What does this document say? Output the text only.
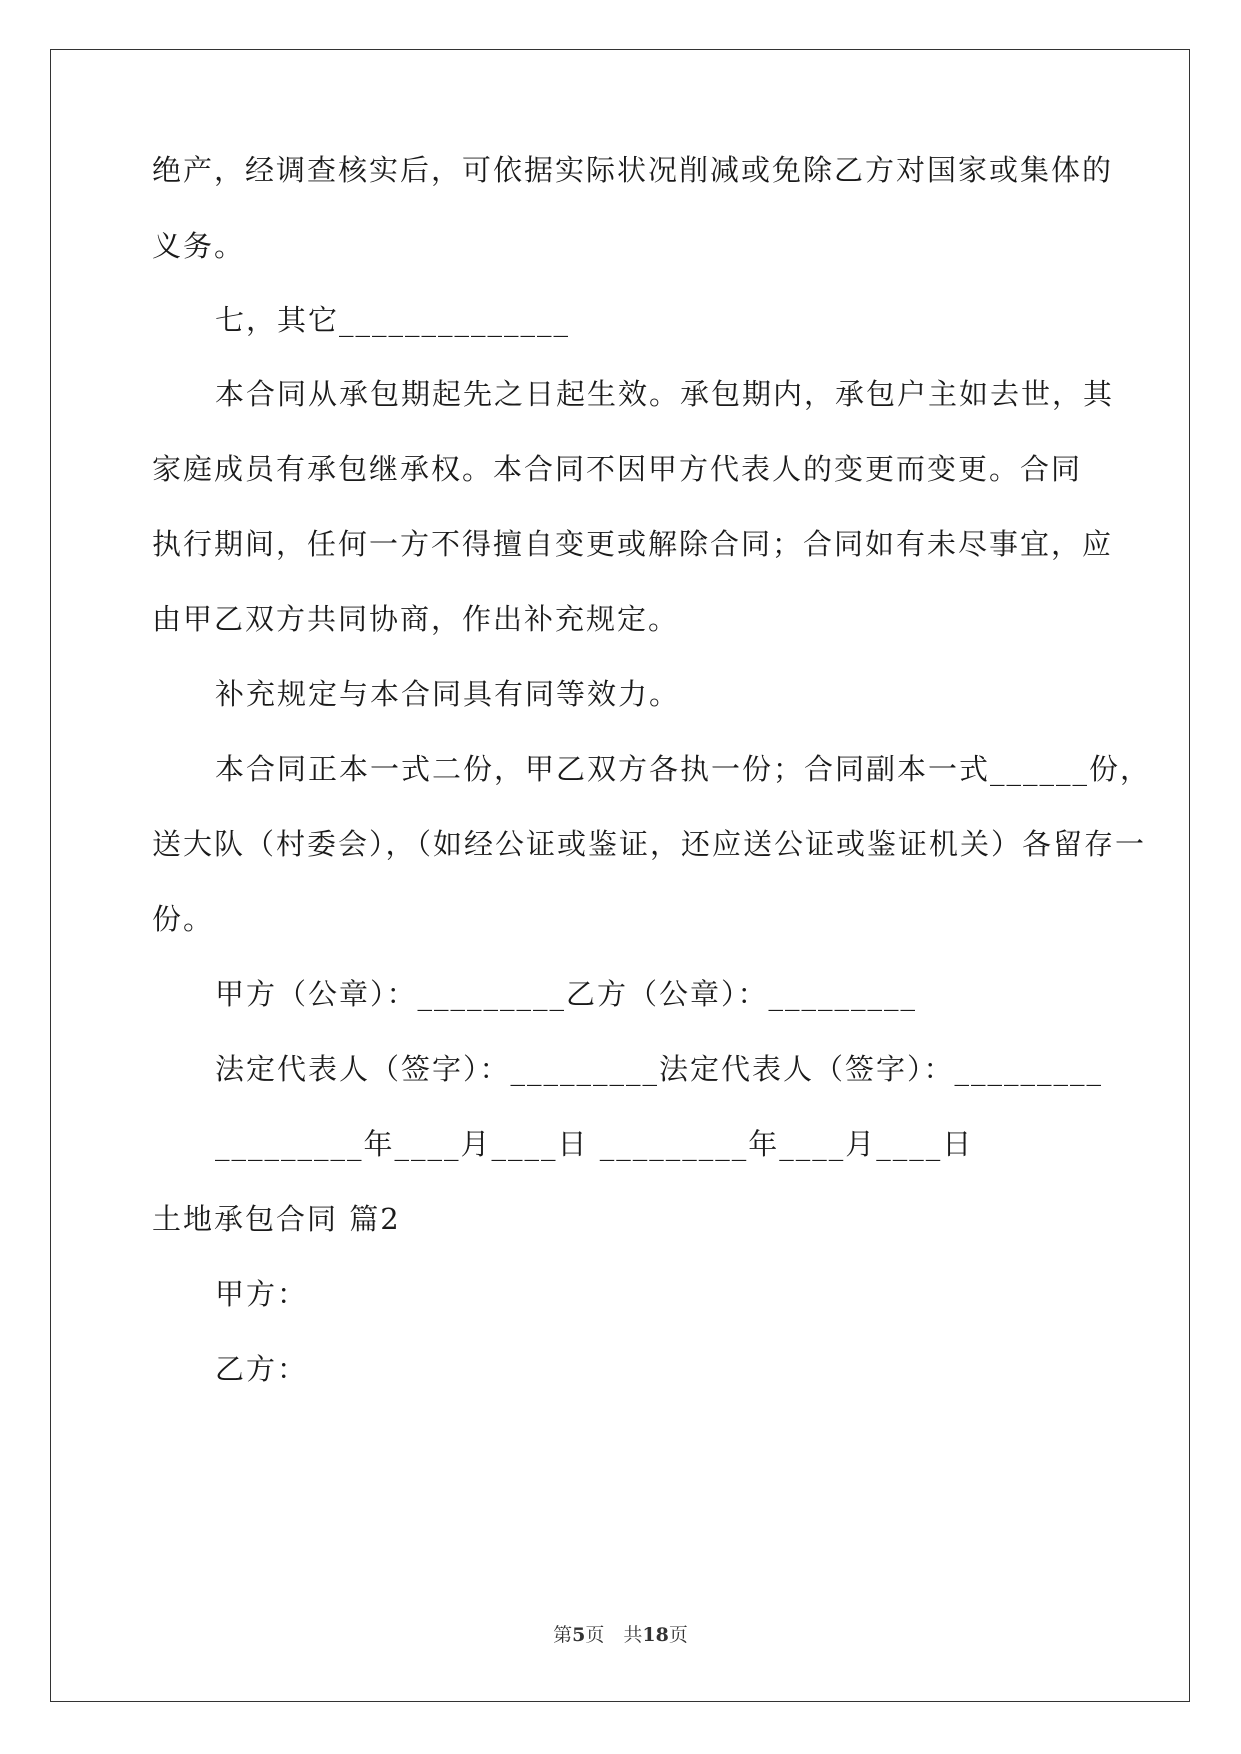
绝产，经调查核实后，可依据实际状况削减或免除乙方对国家或集体的
义务。
七，其它______________
本合同从承包期起先之日起生效。承包期内，承包户主如去世，其
家庭成员有承包继承权。本合同不因甲方代表人的变更而变更。合同
执行期间，任何一方不得擅自变更或解除合同；合同如有未尽事宜，应
由甲乙双方共同协商，作出补充规定。
补充规定与本合同具有同等效力。
本合同正本一式二份，甲乙双方各执一份；合同副本一式______份，
送大队（村委会），（如经公证或鉴证，还应送公证或鉴证机关）各留存一
份。
甲方（公章）：_________乙方（公章）：_________
法定代表人（签字）：_________法定代表人（签字）：_________
_________年____月____日 _________年____月____日
土地承包合同 篇2
甲方：
乙方：
第5页　共18页
